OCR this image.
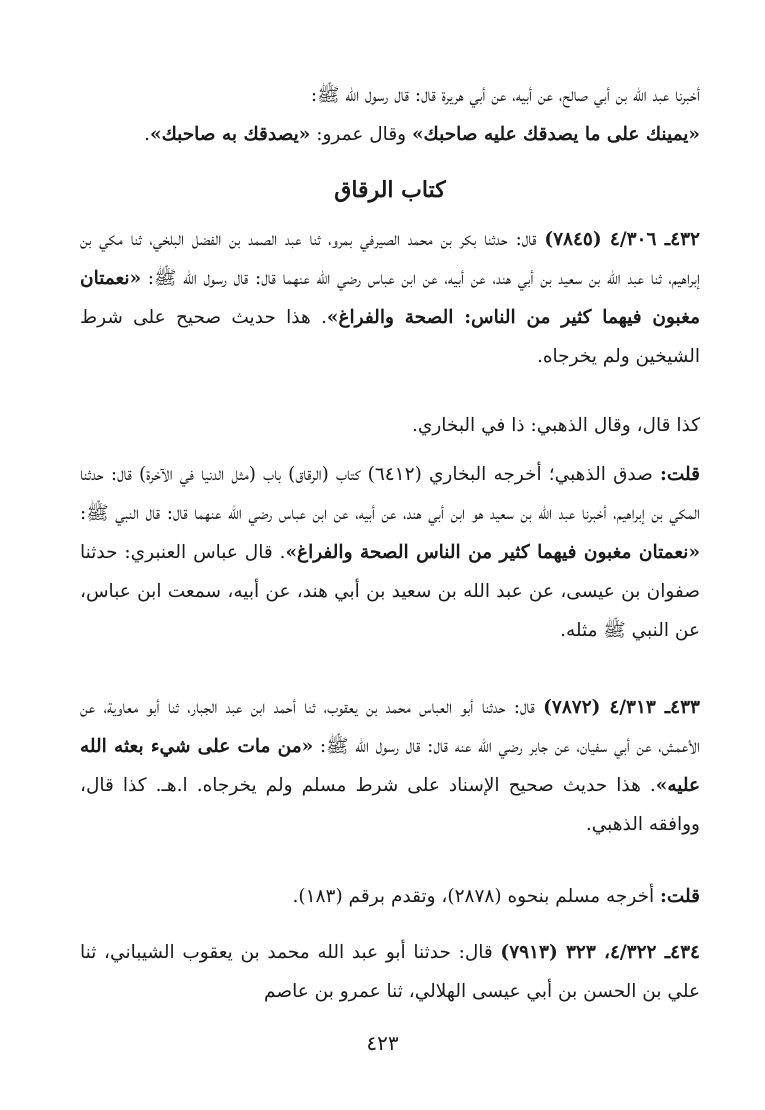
أخبرنا عبد الله بن أبي صالح، عن أبيه، عن أبي هريرة قال: قال رسول الله ﷺ:
«يمينك على ما يصدقك عليه صاحبك» وقال عمرو: «يصدقك به صاحبك».
كتاب الرقاق
٤٣٢ـ ٤/٣٠٦ (٧٨٤٥) قال: حدثنا بكر بن محمد الصيرفي بمرو، ثنا عبد الصمد بن الفضل البلخي، ثنا مكي بن إبراهيم، ثنا عبد الله بن سعيد بن أبي هند، عن أبيه، عن ابن عباس رضي الله عنهما قال: قال رسول الله ﷺ: «نعمتان مغبون فيهما كثير من الناس: الصحة والفراغ». هذا حديث صحيح على شرط الشيخين ولم يخرجاه.
كذا قال، وقال الذهبي: ذا في البخاري.
قلت: صدق الذهبي؛ أخرجه البخاري (٦٤١٢) كتاب (الرقاق) باب (مثل الدنيا في الآخرة) قال: حدثنا المكي بن إبراهيم، أخبرنا عبد الله بن سعيد هو ابن أبي هند، عن أبيه، عن ابن عباس رضي الله عنهما قال: قال النبي ﷺ: «نعمتان مغبون فيهما كثير من الناس الصحة والفراغ». قال عباس العنبري: حدثنا صفوان بن عيسى، عن عبد الله بن سعيد بن أبي هند، عن أبيه، سمعت ابن عباس، عن النبي ﷺ مثله.
٤٣٣ـ ٤/٣١٣ (٧٨٧٢) قال: حدثنا أبو العباس محمد بن يعقوب، ثنا أحمد ابن عبد الجبار، ثنا أبو معاوية، عن الأعمش، عن أبي سفيان، عن جابر رضي الله عنه قال: قال رسول الله ﷺ: «من مات على شيء بعثه الله عليه». هذا حديث صحيح الإسناد على شرط مسلم ولم يخرجاه. ا.هـ. كذا قال، ووافقه الذهبي.
قلت: أخرجه مسلم بنحوه (٢٨٧٨)، وتقدم برقم (١٨٣).
٤٣٤ـ ٤/٣٢٢، ٣٢٣ (٧٩١٣) قال: حدثنا أبو عبد الله محمد بن يعقوب الشيباني، ثنا علي بن الحسن بن أبي عيسى الهلالي، ثنا عمرو بن عاصم
٤٢٣
